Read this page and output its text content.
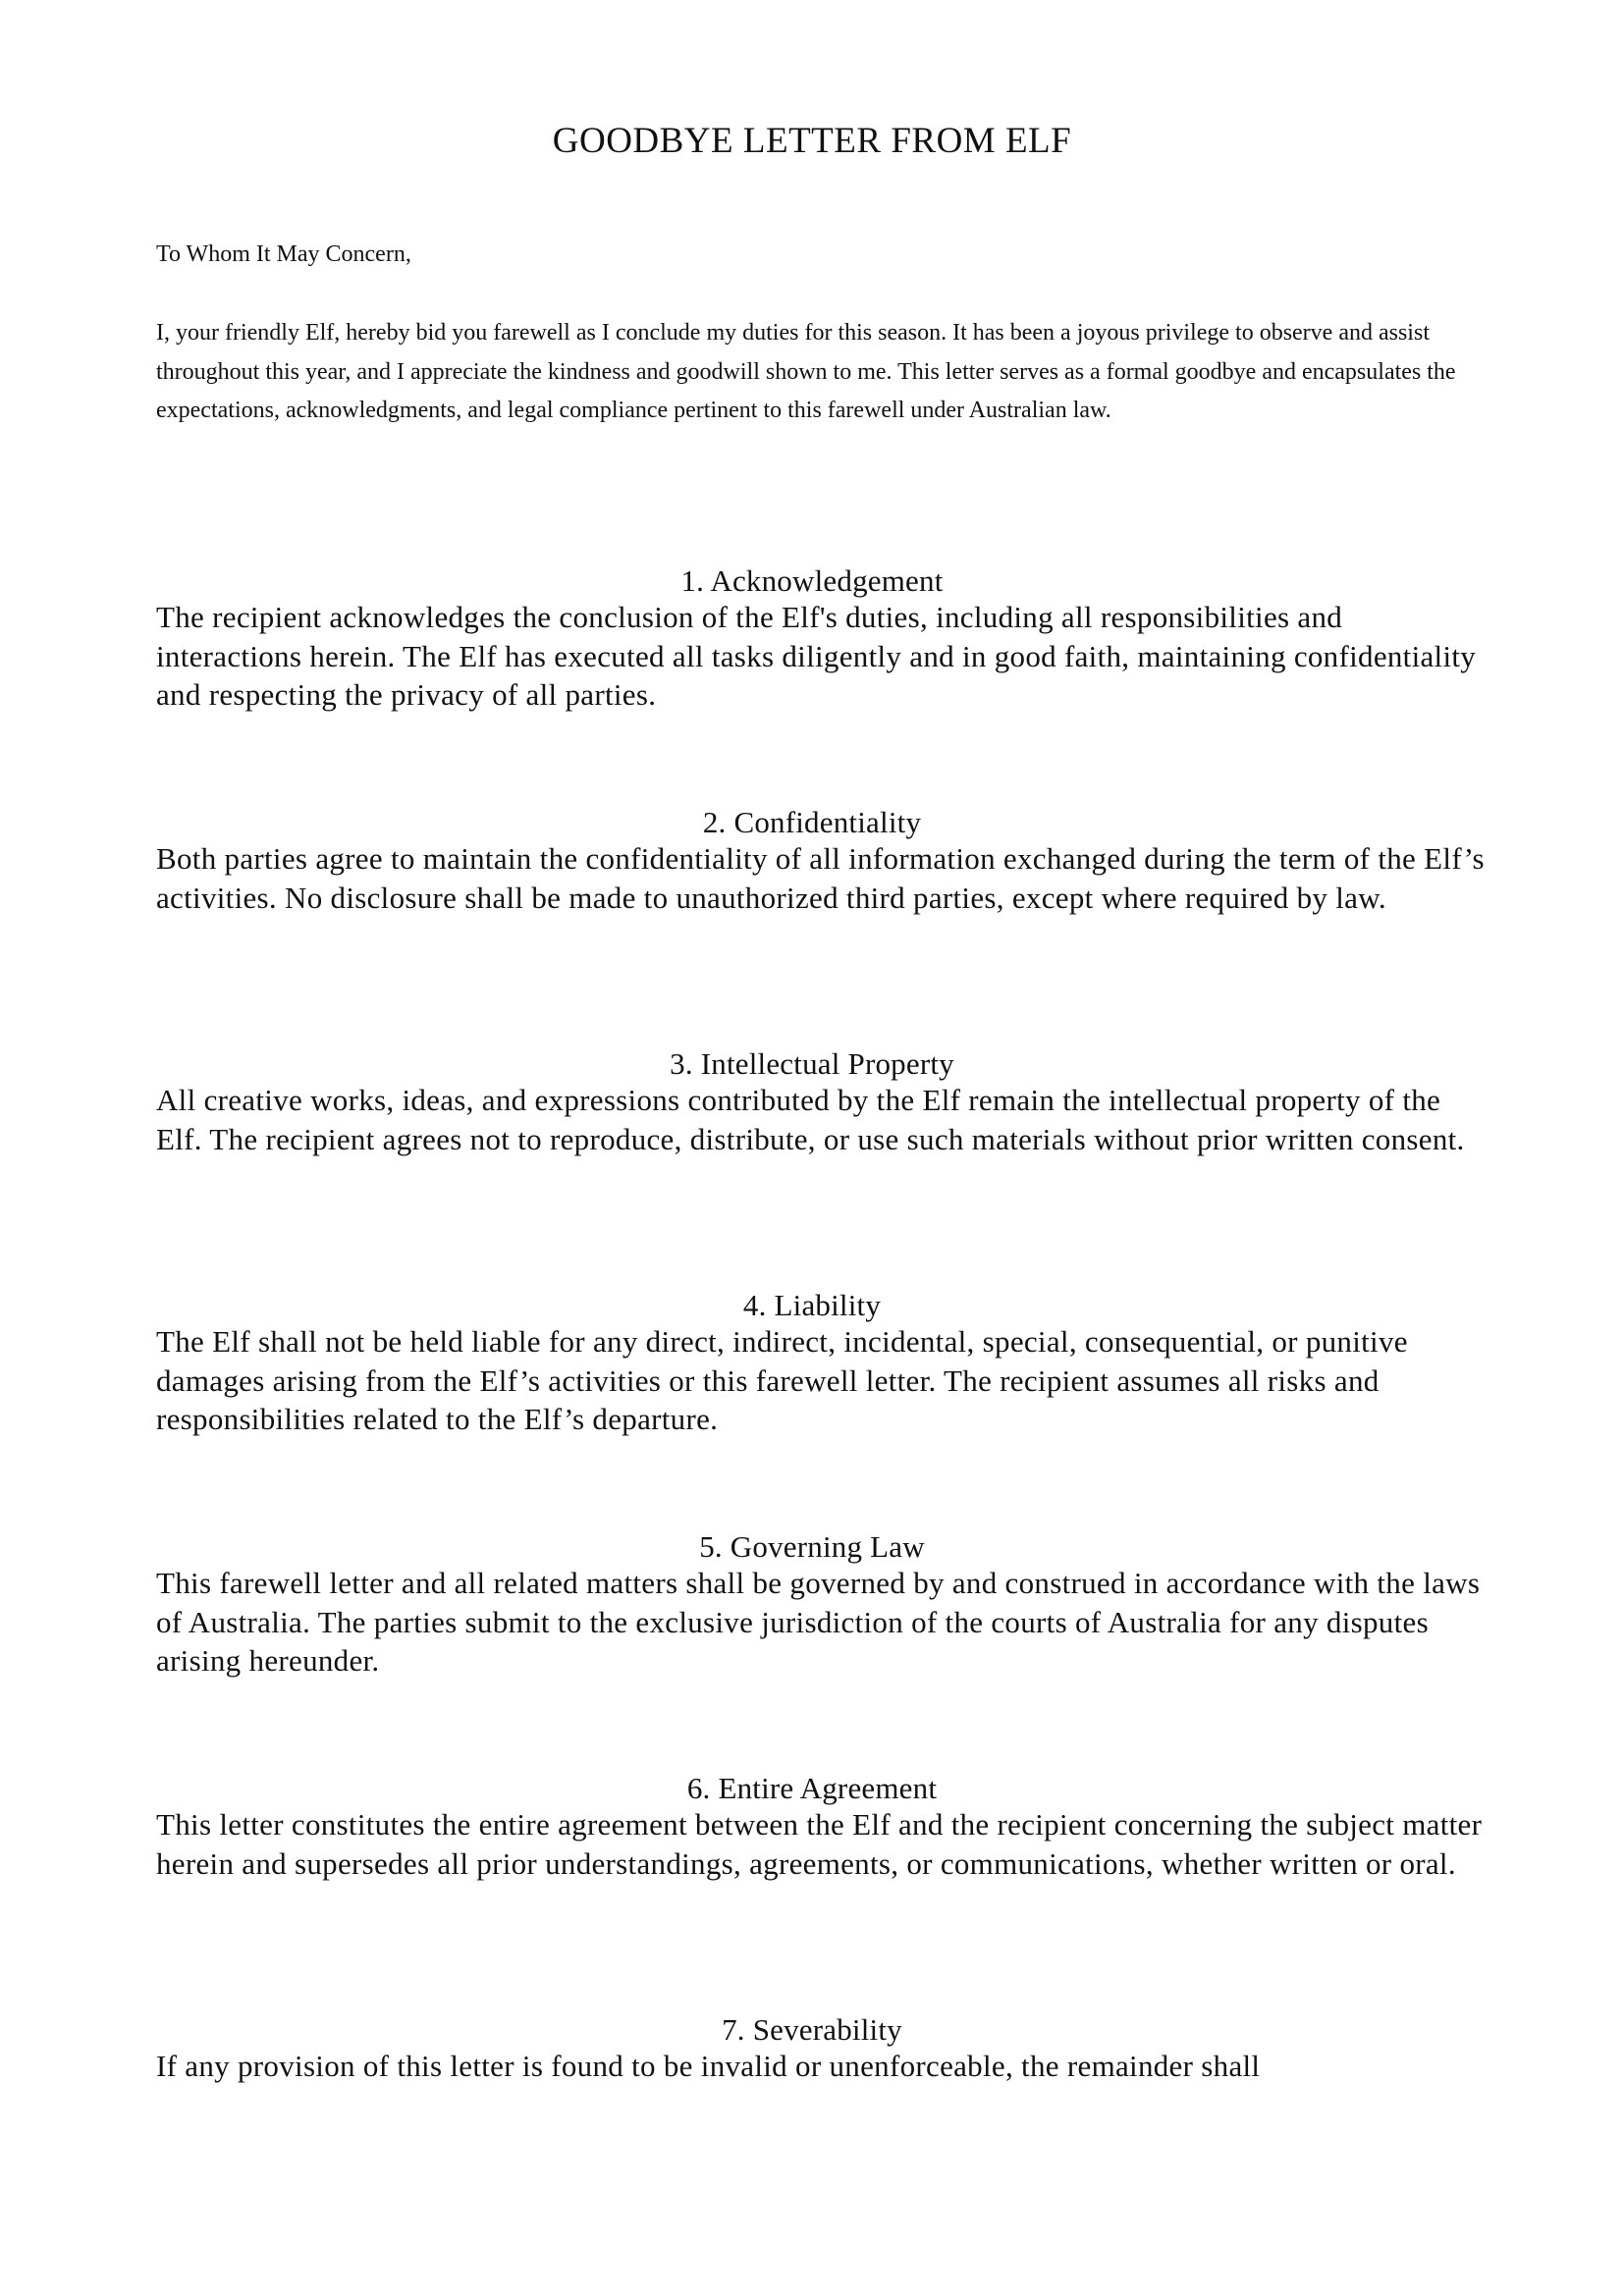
GOODBYE LETTER FROM ELF
To Whom It May Concern,
I, your friendly Elf, hereby bid you farewell as I conclude my duties for this season. It has been a joyous privilege to observe and assist throughout this year, and I appreciate the kindness and goodwill shown to me. This letter serves as a formal goodbye and encapsulates the expectations, acknowledgments, and legal compliance pertinent to this farewell under Australian law.
1. Acknowledgement
The recipient acknowledges the conclusion of the Elf's duties, including all responsibilities and interactions herein. The Elf has executed all tasks diligently and in good faith, maintaining confidentiality and respecting the privacy of all parties.
2. Confidentiality
Both parties agree to maintain the confidentiality of all information exchanged during the term of the Elf’s activities. No disclosure shall be made to unauthorized third parties, except where required by law.
3. Intellectual Property
All creative works, ideas, and expressions contributed by the Elf remain the intellectual property of the Elf. The recipient agrees not to reproduce, distribute, or use such materials without prior written consent.
4. Liability
The Elf shall not be held liable for any direct, indirect, incidental, special, consequential, or punitive damages arising from the Elf’s activities or this farewell letter. The recipient assumes all risks and responsibilities related to the Elf’s departure.
5. Governing Law
This farewell letter and all related matters shall be governed by and construed in accordance with the laws of Australia. The parties submit to the exclusive jurisdiction of the courts of Australia for any disputes arising hereunder.
6. Entire Agreement
This letter constitutes the entire agreement between the Elf and the recipient concerning the subject matter herein and supersedes all prior understandings, agreements, or communications, whether written or oral.
7. Severability
If any provision of this letter is found to be invalid or unenforceable, the remainder shall
